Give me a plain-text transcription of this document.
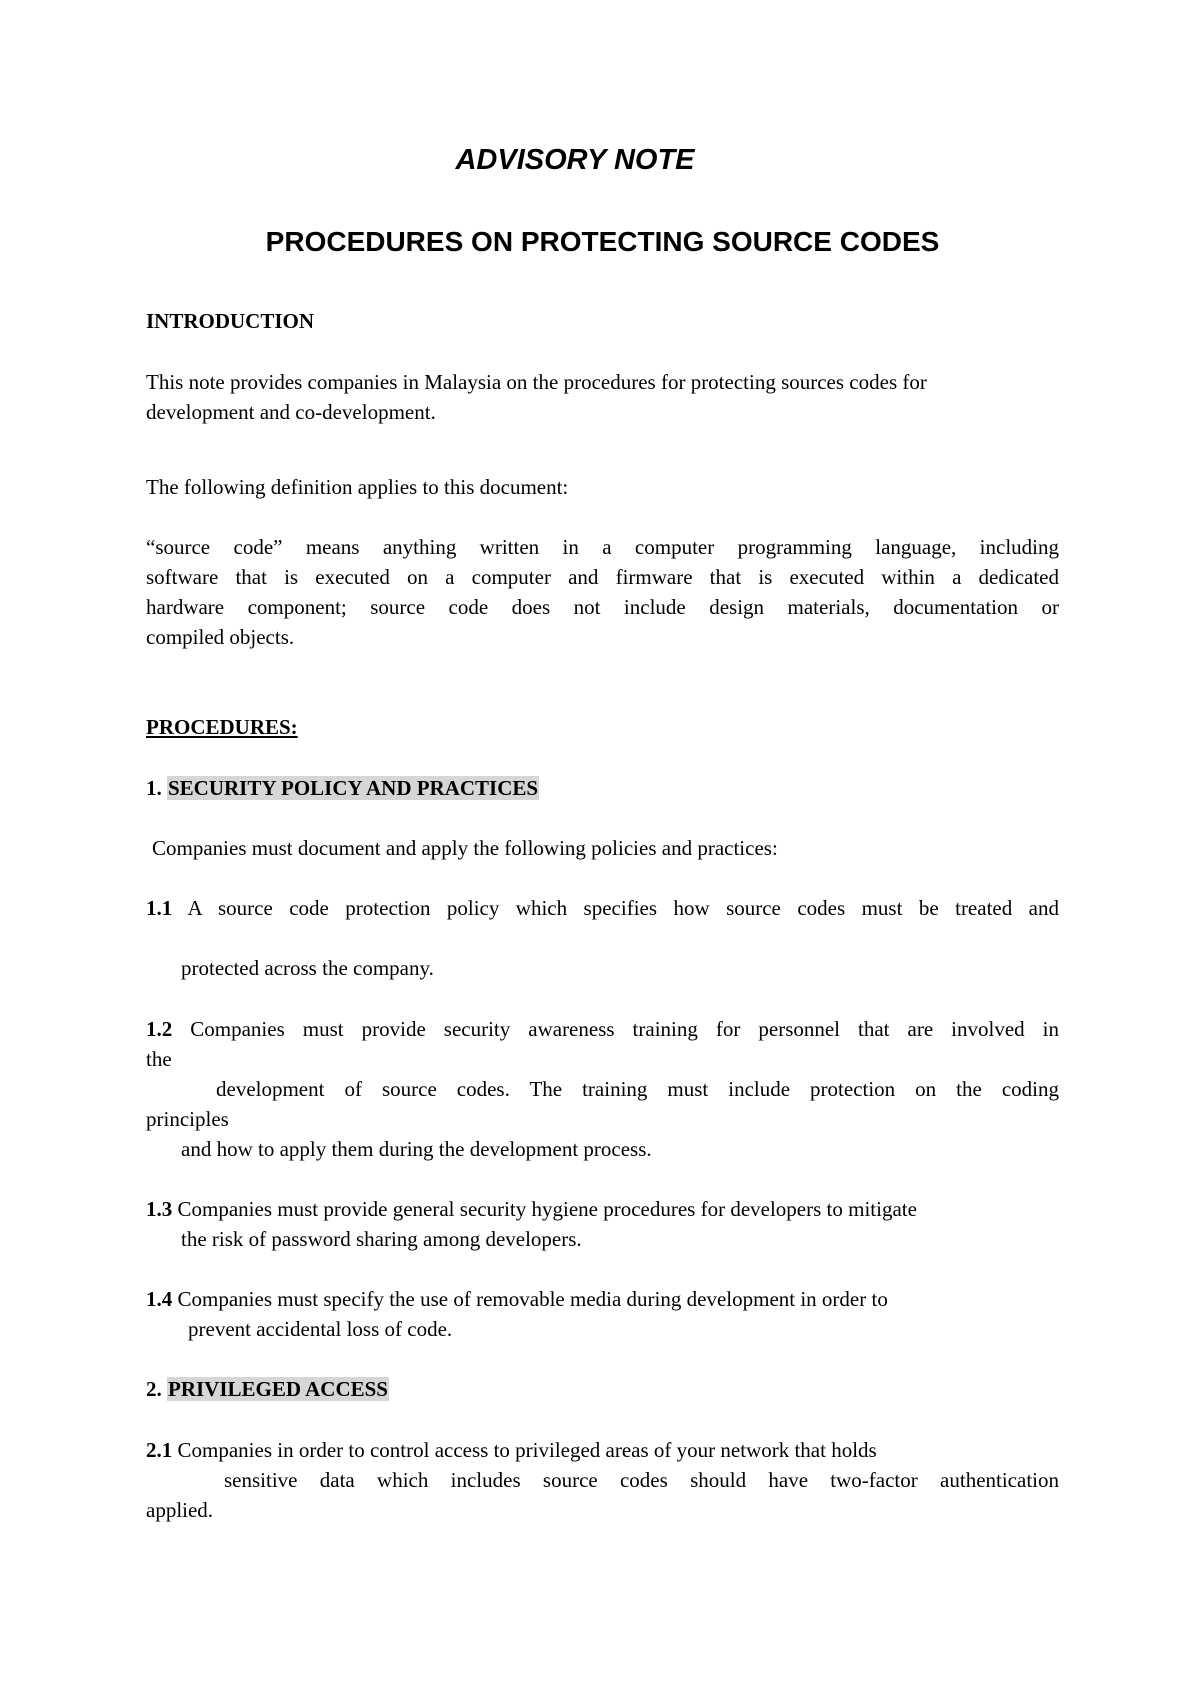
ADVISORY NOTE
PROCEDURES ON PROTECTING SOURCE CODES
INTRODUCTION
This note provides companies in Malaysia on the procedures for protecting sources codes for
development and co-development.
The following definition applies to this document:
“source code” means anything written in a computer programming language, including
software that is executed on a computer and firmware that is executed within a dedicated
hardware component; source code does not include design materials, documentation or
compiled objects.
PROCEDURES:
1. SECURITY POLICY AND PRACTICES
Companies must document and apply the following policies and practices:
1.1 A source code protection policy which specifies how source codes must be treated and
protected across the company.
1.2 Companies must provide security awareness training for personnel that are involved in
the
development of source codes. The training must include protection on the coding
principles
and how to apply them during the development process.
1.3 Companies must provide general security hygiene procedures for developers to mitigate
the risk of password sharing among developers.
1.4 Companies must specify the use of removable media during development in order to
prevent accidental loss of code.
2. PRIVILEGED ACCESS
2.1 Companies in order to control access to privileged areas of your network that holds
sensitive data which includes source codes should have two-factor authentication
applied.
